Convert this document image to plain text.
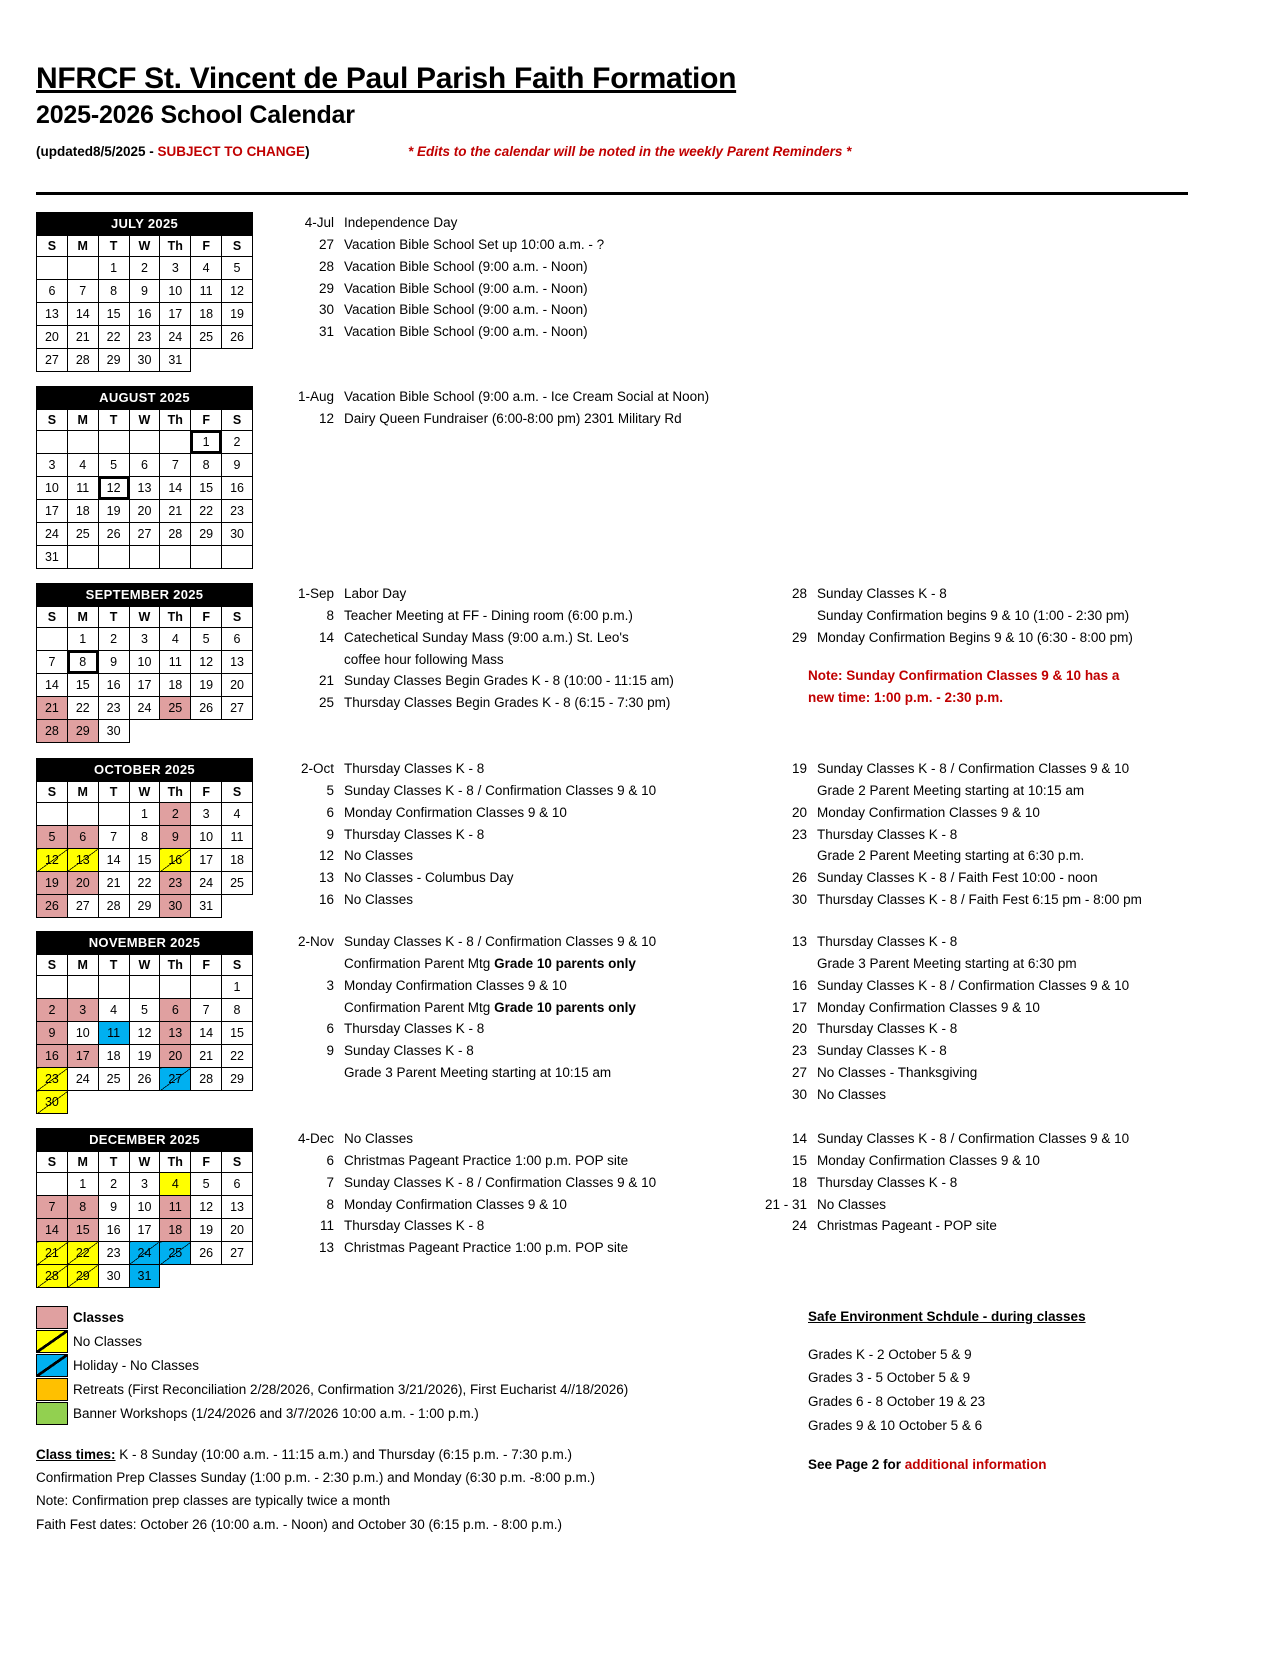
NFRCF St. Vincent de Paul Parish Faith Formation
2025-2026 School Calendar
(updated8/5/2025 - SUBJECT TO CHANGE)	* Edits to the calendar will be noted in the weekly Parent Reminders *
JULY 2025						
S	M	T	W	Th	F	S
		1	2	3	4	5
6	7	8	9	10	11	12
13	14	15	16	17	18	19
20	21	22	23	24	25	26
27	28	29	30	31		
AUGUST 2025						
S	M	T	W	Th	F	S
					1	2
3	4	5	6	7	8	9
10	11	12	13	14	15	16
17	18	19	20	21	22	23
24	25	26	27	28	29	30
31						
SEPTEMBER 2025						
S	M	T	W	Th	F	S
	1	2	3	4	5	6
7	8	9	10	11	12	13
14	15	16	17	18	19	20
21	22	23	24	25	26	27
28	29	30				
OCTOBER 2025						
S	M	T	W	Th	F	S
			1	2	3	4
5	6	7	8	9	10	11
12	13	14	15	16	17	18
19	20	21	22	23	24	25
26	27	28	29	30	31	
NOVEMBER 2025						
S	M	T	W	Th	F	S
						1
2	3	4	5	6	7	8
9	10	11	12	13	14	15
16	17	18	19	20	21	22
23	24	25	26	27	28	29
30						
DECEMBER 2025						
S	M	T	W	Th	F	S
	1	2	3	4	5	6
7	8	9	10	11	12	13
14	15	16	17	18	19	20
21	22	23	24	25	26	27
28	29	30	31			
4-Jul Independence Day
27 Vacation Bible School Set up 10:00 a.m. - ?
28 Vacation Bible School (9:00 a.m. - Noon)
29 Vacation Bible School (9:00 a.m. - Noon)
30 Vacation Bible School (9:00 a.m. - Noon)
31 Vacation Bible School (9:00 a.m. - Noon)
1-Aug Vacation Bible School (9:00 a.m. - Ice Cream Social at Noon)
12 Dairy Queen Fundraiser (6:00-8:00 pm) 2301 Military Rd
1-Sep Labor Day
8 Teacher Meeting at FF - Dining room (6:00 p.m.)
14 Catechetical Sunday Mass (9:00 a.m.) St. Leo's
coffee hour following Mass
21 Sunday Classes Begin Grades K - 8 (10:00 - 11:15 am)
25 Thursday Classes Begin Grades K - 8 (6:15 - 7:30 pm)
28 Sunday Classes K - 8
Sunday Confirmation begins 9 & 10 (1:00 - 2:30 pm)
29 Monday Confirmation Begins 9 & 10 (6:30 - 8:00 pm)
Note: Sunday Confirmation Classes 9 & 10 has a
new time: 1:00 p.m. - 2:30 p.m.
2-Oct Thursday Classes K - 8
5 Sunday Classes K - 8 / Confirmation Classes 9 & 10
6 Monday Confirmation Classes 9 & 10
9 Thursday Classes K - 8
12 No Classes
13 No Classes - Columbus Day
16 No Classes
19 Sunday Classes K - 8 / Confirmation Classes 9 & 10
Grade 2 Parent Meeting starting at 10:15 am
20 Monday Confirmation Classes 9 & 10
23 Thursday Classes K - 8
Grade 2 Parent Meeting starting at 6:30 p.m.
26 Sunday Classes K - 8 / Faith Fest 10:00 - noon
30 Thursday Classes K - 8 / Faith Fest 6:15 pm - 8:00 pm
2-Nov Sunday Classes K - 8 / Confirmation Classes 9 & 10
Confirmation Parent Mtg Grade 10 parents only
3 Monday Confirmation Classes 9 & 10
Confirmation Parent Mtg Grade 10 parents only
6 Thursday Classes K - 8
9 Sunday Classes K - 8
Grade 3 Parent Meeting starting at 10:15 am
13 Thursday Classes K - 8
Grade 3 Parent Meeting starting at 6:30 pm
16 Sunday Classes K - 8 / Confirmation Classes 9 & 10
17 Monday Confirmation Classes 9 & 10
20 Thursday Classes K - 8
23 Sunday Classes K - 8
27 No Classes - Thanksgiving
30 No Classes
4-Dec No Classes
6 Christmas Pageant Practice 1:00 p.m. POP site
7 Sunday Classes K - 8 / Confirmation Classes 9 & 10
8 Monday Confirmation Classes 9 & 10
11 Thursday Classes K - 8
13 Christmas Pageant Practice 1:00 p.m. POP site
14 Sunday Classes K - 8 / Confirmation Classes 9 & 10
15 Monday Confirmation Classes 9 & 10
18 Thursday Classes K - 8
21 - 31 No Classes
24 Christmas Pageant - POP site
Classes
No Classes
Holiday - No Classes
Retreats (First Reconciliation 2/28/2026, Confirmation 3/21/2026), First Eucharist 4//18/2026)
Banner Workshops (1/24/2026 and 3/7/2026 10:00 a.m. - 1:00 p.m.)
Class times: K - 8 Sunday (10:00 a.m. - 11:15 a.m.) and Thursday (6:15 p.m. - 7:30 p.m.)
Confirmation Prep Classes Sunday (1:00 p.m. - 2:30 p.m.) and Monday (6:30 p.m. -8:00 p.m.)
Note: Confirmation prep classes are typically twice a month
Faith Fest dates: October 26 (10:00 a.m. - Noon) and October 30 (6:15 p.m. - 8:00 p.m.)
Safe Environment Schdule - during classes
Grades K - 2 October 5 & 9
Grades 3 - 5 October 5 & 9
Grades 6 - 8 October 19 & 23
Grades 9 & 10 October 5 & 6
See Page 2 for additional information
